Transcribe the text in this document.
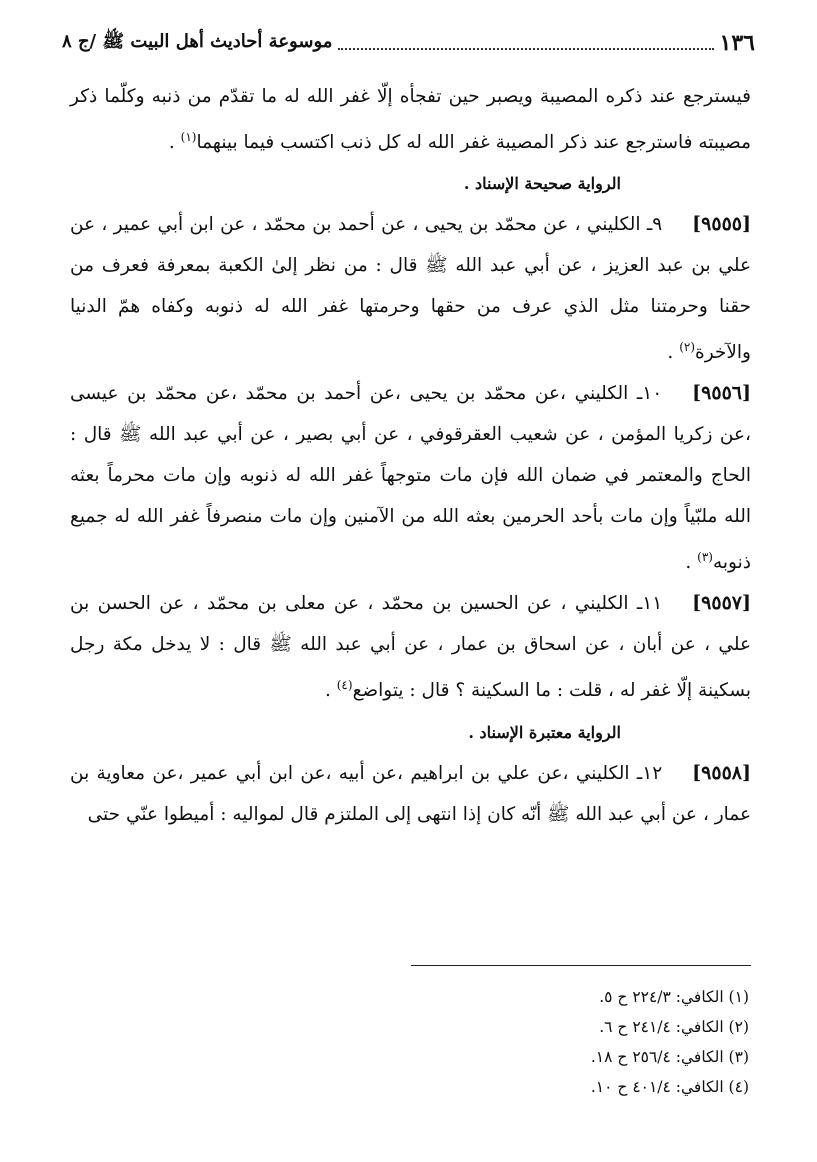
١٣٦
موسوعة أحاديث أهل البيت ﷺ /ج ٨

فيسترجع عند ذكره المصيبة ويصبر حين تفجأه إلّا غفر الله له ما تقدّم من ذنبه وكلّما ذكر مصيبته فاسترجع عند ذكر المصيبة غفر الله له كل ذنب اكتسب فيما بينهما$^{(١)}$ .

الرواية صحيحة الإسناد .

[٩٥٥٥]٩ـ الكليني ، عن محمّد بن يحيى ، عن أحمد بن محمّد ، عن ابن أبي عمير ، عن علي بن عبد العزيز ، عن أبي عبد الله ﷺ قال : من نظر إلىٰ الكعبة بمعرفة فعرف من حقنا وحرمتنا مثل الذي عرف من حقها وحرمتها غفر الله له ذنوبه وكفاه همّ الدنيا والآخرة$^{(٢)}$ .

[٩٥٥٦]١٠ـ الكليني ،عن محمّد بن يحيى ،عن أحمد بن محمّد ،عن محمّد بن عيسى ،عن زكريا المؤمن ، عن شعيب العقرقوفي ، عن أبي بصير ، عن أبي عبد الله ﷺ قال : الحاج والمعتمر في ضمان الله فإن مات متوجهاً غفر الله له ذنوبه وإن مات محرماً بعثه الله ملبّياً وإن مات بأحد الحرمين بعثه الله من الآمنين وإن مات منصرفاً غفر الله له جميع ذنوبه$^{(٣)}$ .

[٩٥٥٧]١١ـ الكليني ، عن الحسين بن محمّد ، عن معلى بن محمّد ، عن الحسن بن علي ، عن أبان ، عن اسحاق بن عمار ، عن أبي عبد الله ﷺ قال : لا يدخل مكة رجل بسكينة إلّا غفر له ، قلت : ما السكينة ؟ قال : يتواضع$^{(٤)}$ .

الرواية معتبرة الإسناد .

[٩٥٥٨]١٢ـ الكليني ،عن علي بن ابراهيم ،عن أبيه ،عن ابن أبي عمير ،عن معاوية بن عمار ، عن أبي عبد الله ﷺ أنّه كان إذا انتهى إلى الملتزم قال لمواليه : أميطوا عنّي حتى

(١) الكافي: ٢٢٤/٣ ح ٥.
(٢) الكافي: ٢٤١/٤ ح ٦.
(٣) الكافي: ٢٥٦/٤ ح ١٨.
(٤) الكافي: ٤٠١/٤ ح ١٠.
